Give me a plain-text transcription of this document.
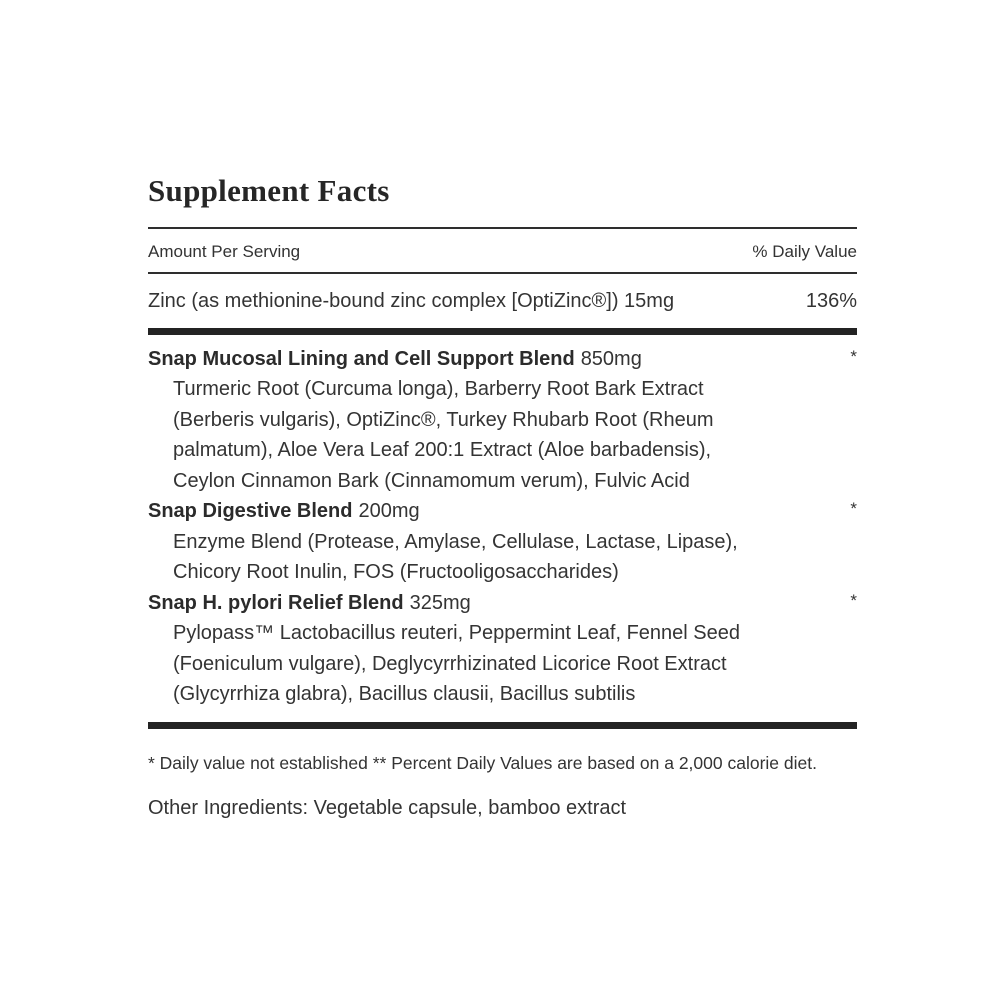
Supplement Facts
Amount Per Serving	% Daily Value
Zinc (as methionine-bound zinc complex [OptiZinc®]) 15mg	136%
Snap Mucosal Lining and Cell Support Blend 850mg	*
Turmeric Root (Curcuma longa), Barberry Root Bark Extract
(Berberis vulgaris), OptiZinc®, Turkey Rhubarb Root (Rheum
palmatum), Aloe Vera Leaf 200:1 Extract (Aloe barbadensis),
Ceylon Cinnamon Bark (Cinnamomum verum), Fulvic Acid
Snap Digestive Blend 200mg	*
Enzyme Blend (Protease, Amylase, Cellulase, Lactase, Lipase),
Chicory Root Inulin, FOS (Fructooligosaccharides)
Snap H. pylori Relief Blend 325mg	*
Pylopass™ Lactobacillus reuteri, Peppermint Leaf, Fennel Seed
(Foeniculum vulgare), Deglycyrrhizinated Licorice Root Extract
(Glycyrrhiza glabra), Bacillus clausii, Bacillus subtilis
* Daily value not established ** Percent Daily Values are based on a 2,000 calorie diet.
Other Ingredients: Vegetable capsule, bamboo extract
